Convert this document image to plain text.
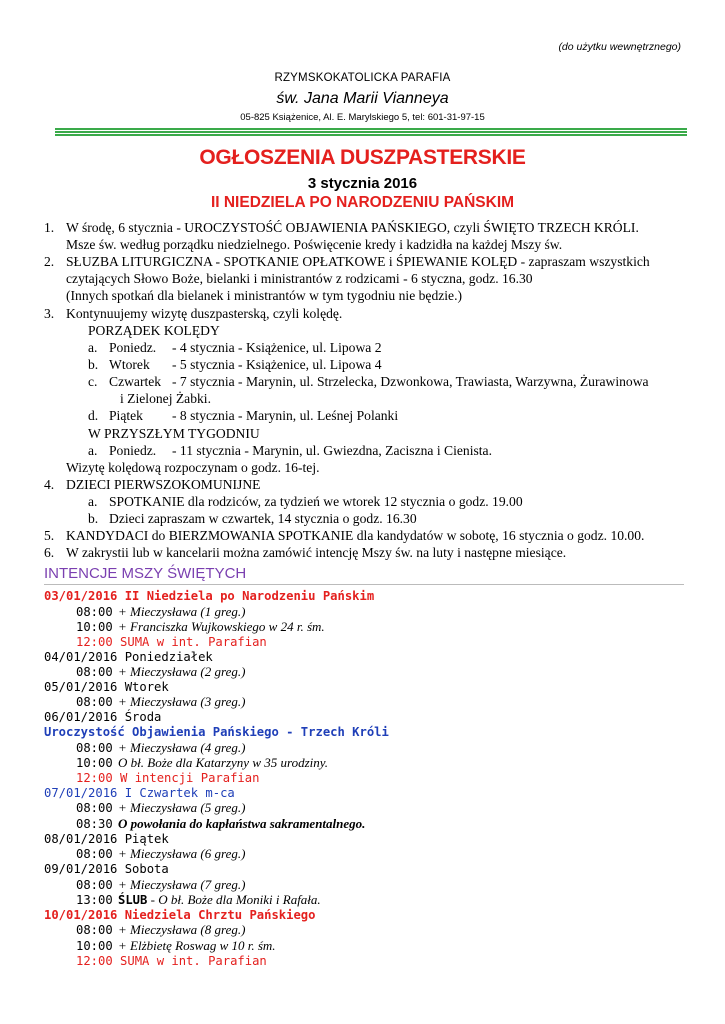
(do użytku wewnętrznego)
RZYMSKOKATOLICKA PARAFIA
św. Jana Marii Vianneya
05-825 Książenice, Al. E. Marylskiego 5, tel: 601-31-97-15
OGŁOSZENIA DUSZPASTERSKIE
3 stycznia 2016
II NIEDZIELA PO NARODZENIU PAŃSKIM
1. W środę, 6 stycznia - UROCZYSTOŚĆ OBJAWIENIA PAŃSKIEGO, czyli ŚWIĘTO TRZECH KRÓLI.
Msze św. według porządku niedzielnego. Poświęcenie kredy i kadzidła na każdej Mszy św.
2. SŁUZBA LITURGICZNA - SPOTKANIE OPŁATKOWE i ŚPIEWANIE KOLĘD - zapraszam wszystkich
czytających Słowo Boże, bielanki i ministrantów z rodzicami - 6 styczna, godz. 16.30
(Innych spotkań dla bielanek i ministrantów w tym tygodniu nie będzie.)
3. Kontynuujemy wizytę duszpasterską, czyli kolędę.
PORZĄDEK KOLĘDY
a. Poniedz. - 4 stycznia - Książenice, ul. Lipowa 2
b. Wtorek - 5 stycznia - Książenice, ul. Lipowa 4
c. Czwartek - 7 stycznia - Marynin, ul. Strzelecka, Dzwonkowa, Trawiasta, Warzywna, Żurawinowa
i Zielonej Żabki.
d. Piątek - 8 stycznia - Marynin, ul. Leśnej Polanki
W PRZYSZŁYM TYGODNIU
a. Poniedz. - 11 stycznia - Marynin, ul. Gwiezdna, Zaciszna i Cienista.
Wizytę kolędową rozpoczynam o godz. 16-tej.
4. DZIECI PIERWSZOKOMUNIJNE
a. SPOTKANIE dla rodziców, za tydzień we wtorek 12 stycznia o godz. 19.00
b. Dzieci zapraszam w czwartek, 14 stycznia o godz. 16.30
5. KANDYDACI do BIERZMOWANIA SPOTKANIE dla kandydatów w sobotę, 16 stycznia o godz. 10.00.
6. W zakrystii lub w kancelarii można zamówić intencję Mszy św. na luty i następne miesiące.
INTENCJE MSZY ŚWIĘTYCH
03/01/2016 II Niedziela po Narodzeniu Pańskim
08:00 + Mieczysława (1 greg.)
10:00 + Franciszka Wujkowskiego w 24 r. śm.
12:00 SUMA w int. Parafian
04/01/2016 Poniedziałek
08:00 + Mieczysława (2 greg.)
05/01/2016 Wtorek
08:00 + Mieczysława (3 greg.)
06/01/2016 Środa
Uroczystość Objawienia Pańskiego - Trzech Króli
08:00 + Mieczysława (4 greg.)
10:00 O bł. Boże dla Katarzyny w 35 urodziny.
12:00 W intencji Parafian
07/01/2016 I Czwartek m-ca
08:00 + Mieczysława (5 greg.)
08:30 O powołania do kapłaństwa sakramentalnego.
08/01/2016 Piątek
08:00 + Mieczysława (6 greg.)
09/01/2016 Sobota
08:00 + Mieczysława (7 greg.)
13:00 ŚLUB - O bł. Boże dla Moniki i Rafała.
10/01/2016 Niedziela Chrztu Pańskiego
08:00 + Mieczysława (8 greg.)
10:00 + Elżbietę Roswag w 10 r. śm.
12:00 SUMA w int. Parafian
